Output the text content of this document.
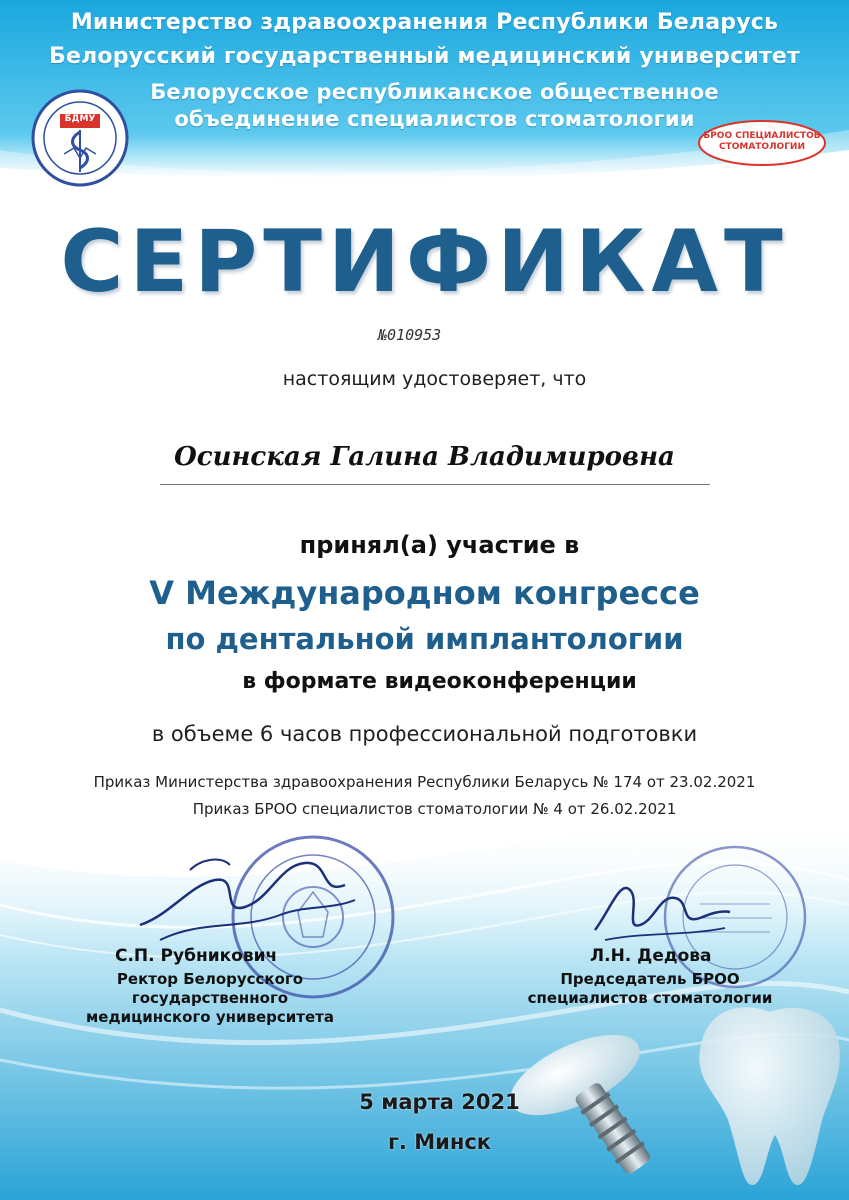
БДМУ
БРОО СПЕЦИАЛИСТОВ
СТОМАТОЛОГИИ
Министерство здравоохранения Республики Беларусь
Белорусский государственный медицинский университет
Белорусское республиканское общественное
объединение специалистов стоматологии
СЕРТИФИКАТ
№010953
настоящим удостоверяет, что
Осинская Галина Владимировна
принял(а) участие в
V Международном конгрессе
по дентальной имплантологии
в формате видеоконференции
в объеме 6 часов профессиональной подготовки
Приказ Министерства здравоохранения Республики Беларусь № 174 от 23.02.2021
Приказ БРОО специалистов стоматологии № 4 от 26.02.2021
С.П. Рубникович
Ректор Белорусского
государственного
медицинского университета
Л.Н. Дедова
Председатель БРОО
специалистов стоматологии
5 марта 2021
г. Минск
